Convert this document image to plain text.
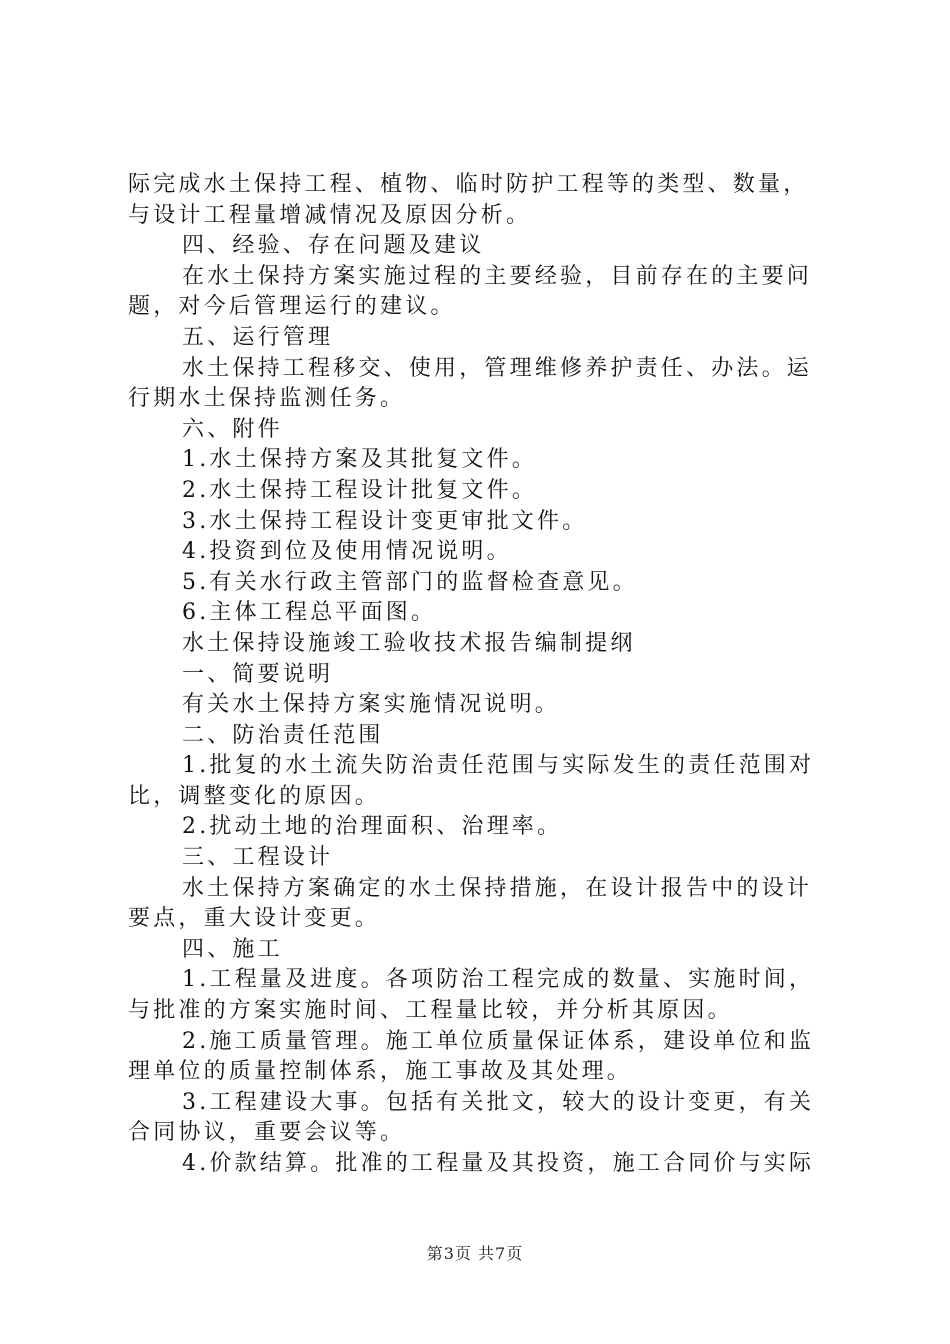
际完成水土保持工程、植物、临时防护工程等的类型、数量，
与设计工程量增减情况及原因分析。
四、经验、存在问题及建议
在水土保持方案实施过程的主要经验，目前存在的主要问
题，对今后管理运行的建议。
五、运行管理
水土保持工程移交、使用，管理维修养护责任、办法。运
行期水土保持监测任务。
六、附件
1.水土保持方案及其批复文件。
2.水土保持工程设计批复文件。
3.水土保持工程设计变更审批文件。
4.投资到位及使用情况说明。
5.有关水行政主管部门的监督检查意见。
6.主体工程总平面图。
水土保持设施竣工验收技术报告编制提纲
一、简要说明
有关水土保持方案实施情况说明。
二、防治责任范围
1.批复的水土流失防治责任范围与实际发生的责任范围对
比，调整变化的原因。
2.扰动土地的治理面积、治理率。
三、工程设计
水土保持方案确定的水土保持措施，在设计报告中的设计
要点，重大设计变更。
四、施工
1.工程量及进度。各项防治工程完成的数量、实施时间，
与批准的方案实施时间、工程量比较，并分析其原因。
2.施工质量管理。施工单位质量保证体系，建设单位和监
理单位的质量控制体系，施工事故及其处理。
3.工程建设大事。包括有关批文，较大的设计变更，有关
合同协议，重要会议等。
4.价款结算。批准的工程量及其投资，施工合同价与实际
第3页 共7页
